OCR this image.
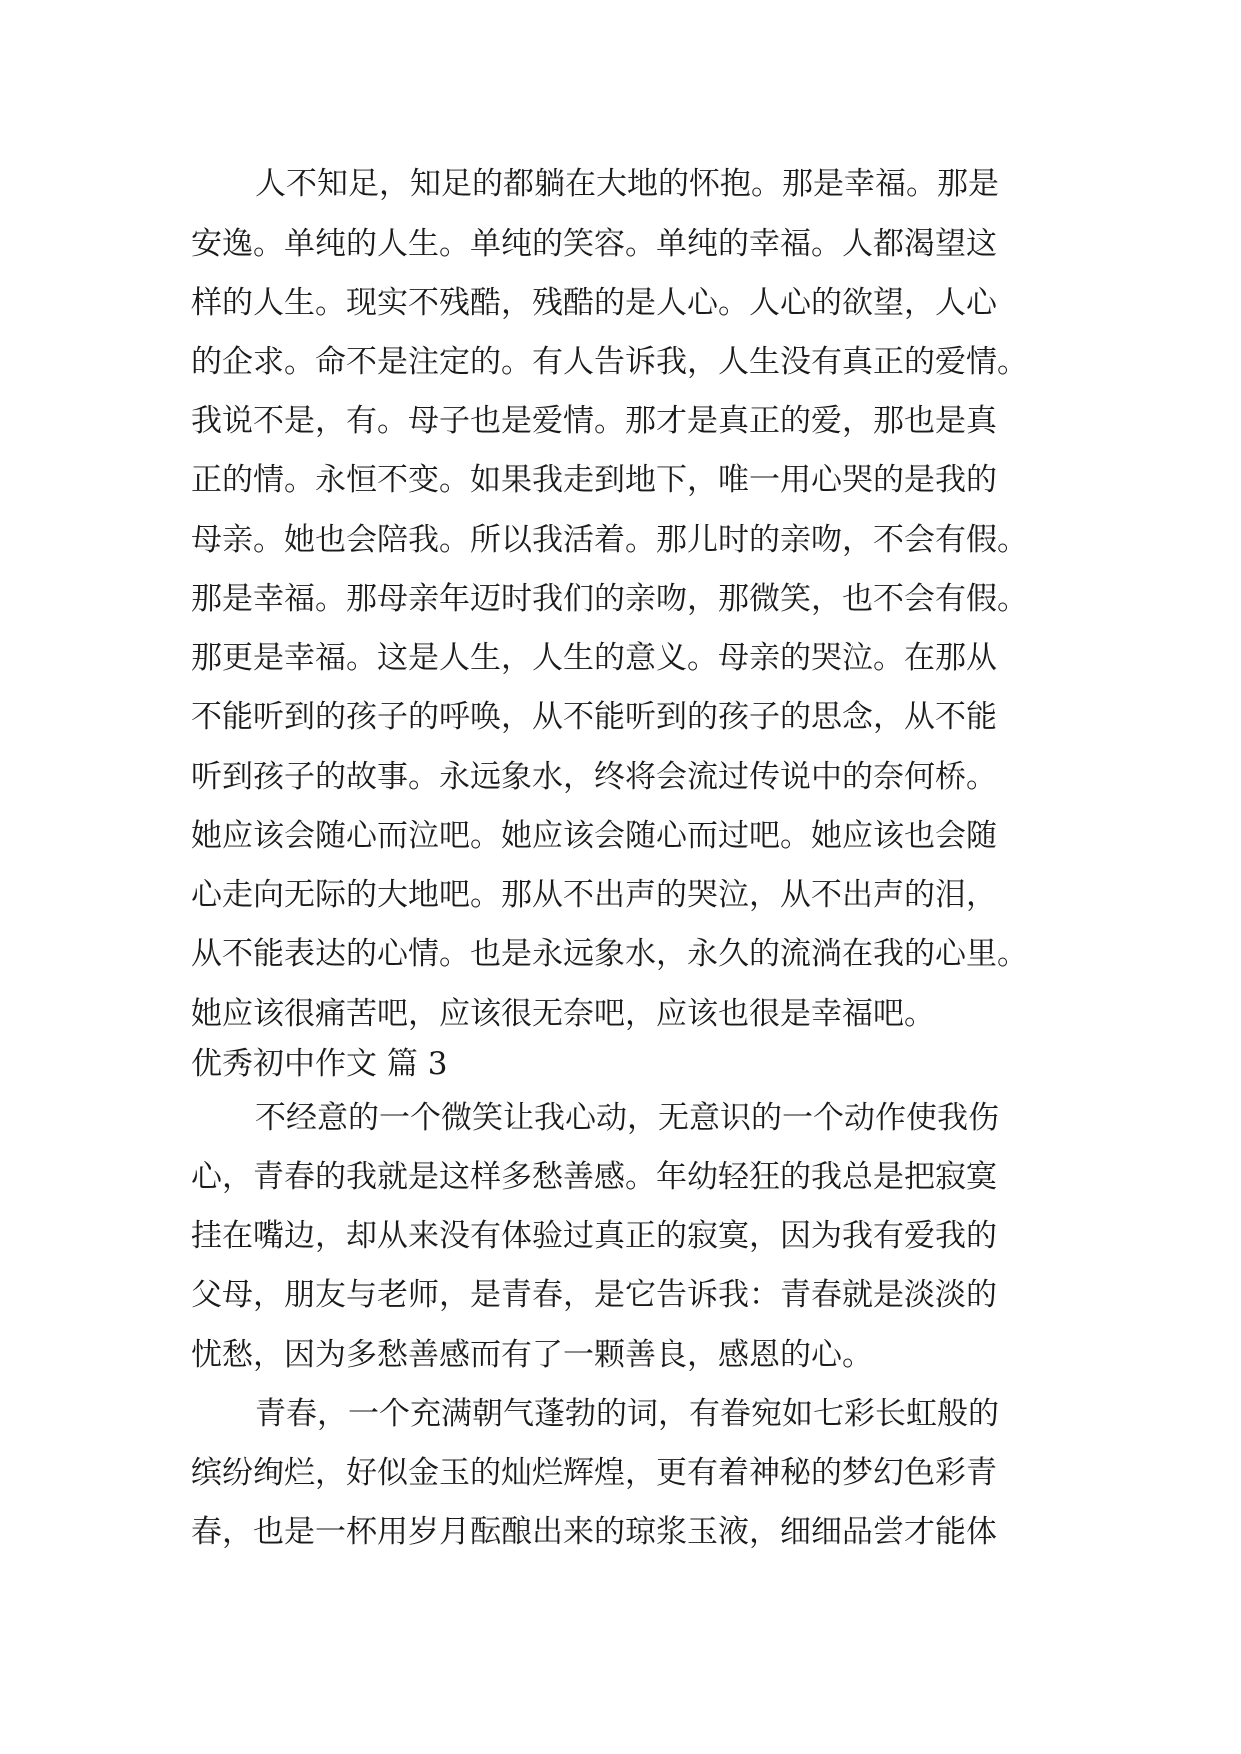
人不知足，知足的都躺在大地的怀抱。那是幸福。那是
安逸。单纯的人生。单纯的笑容。单纯的幸福。人都渴望这
样的人生。现实不残酷，残酷的是人心。人心的欲望，人心
的企求。命不是注定的。有人告诉我，人生没有真正的爱情。
我说不是，有。母子也是爱情。那才是真正的爱，那也是真
正的情。永恒不变。如果我走到地下，唯一用心哭的是我的
母亲。她也会陪我。所以我活着。那儿时的亲吻，不会有假。
那是幸福。那母亲年迈时我们的亲吻，那微笑，也不会有假。
那更是幸福。这是人生，人生的意义。母亲的哭泣。在那从
不能听到的孩子的呼唤，从不能听到的孩子的思念，从不能
听到孩子的故事。永远象水，终将会流过传说中的奈何桥。
她应该会随心而泣吧。她应该会随心而过吧。她应该也会随
心走向无际的大地吧。那从不出声的哭泣，从不出声的泪，
从不能表达的心情。也是永远象水，永久的流淌在我的心里。
她应该很痛苦吧，应该很无奈吧，应该也很是幸福吧。
优秀初中作文 篇 3
不经意的一个微笑让我心动，无意识的一个动作使我伤
心，青春的我就是这样多愁善感。年幼轻狂的我总是把寂寞
挂在嘴边，却从来没有体验过真正的寂寞，因为我有爱我的
父母，朋友与老师，是青春，是它告诉我：青春就是淡淡的
忧愁，因为多愁善感而有了一颗善良，感恩的心。
青春，一个充满朝气蓬勃的词，有眷宛如七彩长虹般的
缤纷绚烂，好似金玉的灿烂辉煌，更有着神秘的梦幻色彩青
春，也是一杯用岁月酝酿出来的琼浆玉液，细细品尝才能体
